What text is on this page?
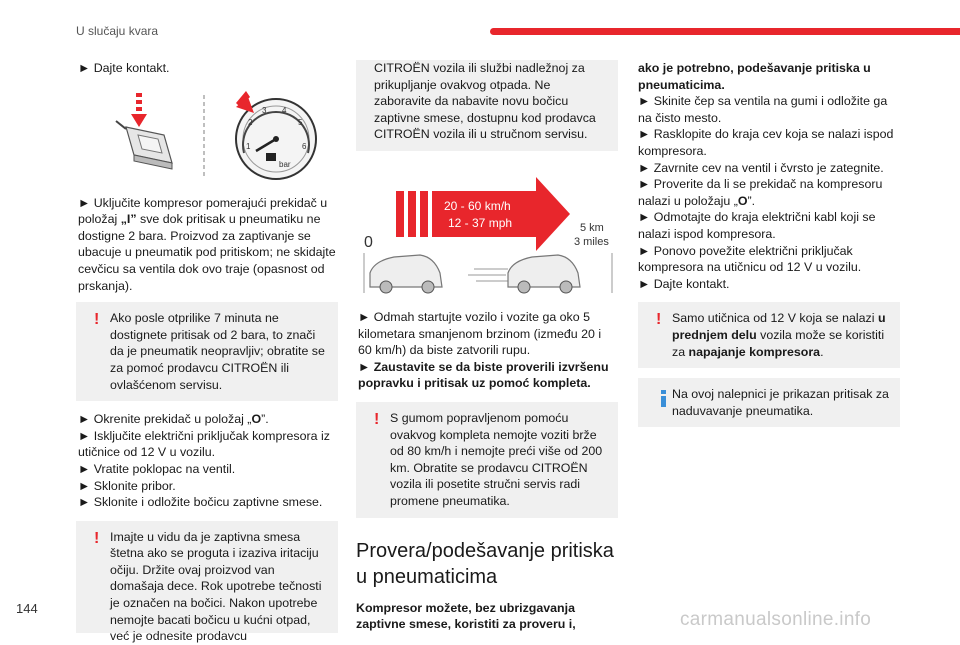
U slučaju kvara
144
carmanualsonline.info

► Dajte kontakt.

1
2
3 4
5
6
bar

► Uključite kompresor pomerajući prekidač u položaj „I” sve dok pritisak u pneumatiku ne dostigne 2 bara. Proizvod za zaptivanje se ubacuje u pneumatik pod pritiskom; ne skidajte cevčicu sa ventila dok ovo traje (opasnost od prskanja).

! Ako posle otprilike 7 minuta ne dostignete pritisak od 2 bara, to znači da je pneumatik neopravljiv; obratite se za pomoć prodavcu CITROËN ili ovlašćenom servisu.

► Okrenite prekidač u položaj „O”.

► Isključite električni priključak kompresora iz utičnice od 12 V u vozilu.

► Vratite poklopac na ventil.

► Sklonite pribor.

► Sklonite i odložite bočicu zaptivne smese.

! Imajte u vidu da je zaptivna smesa štetna ako se proguta i izaziva iritaciju očiju. Držite ovaj proizvod van domašaja dece. Rok upotrebe tečnosti je označen na bočici. Nakon upotrebe nemojte bacati bočicu u kućni otpad, već je odnesite prodavcu
CITROËN vozila ili službi nadležnoj za prikupljanje ovakvog otpada. Ne zaboravite da nabavite novu bočicu zaptivne smese, dostupnu kod prodavca CITROËN vozila ili u stručnom servisu.
20 - 60 km/h
12 - 37 mph
0
5 km
3 miles

► Odmah startujte vozilo i vozite ga oko 5 kilometara smanjenom brzinom (između 20 i 60 km/h) da biste zatvorili rupu.

► Zaustavite se da biste proverili izvršenu popravku i pritisak uz pomoć kompleta.

! S gumom popravljenom pomoću ovakvog kompleta nemojte voziti brže od 80 km/h i nemojte preći više od 200 km. Obratite se prodavcu CITROËN vozila ili posetite stručni servis radi promene pneumatika.
Provera/podešavanje pritiska u pneumaticima

Kompresor možete, bez ubrizgavanja zaptivne smese, koristiti za proveru i,

ako je potrebno, podešavanje pritiska u pneumaticima.

► Skinite čep sa ventila na gumi i odložite ga na čisto mesto.

► Rasklopite do kraja cev koja se nalazi ispod kompresora.

► Zavrnite cev na ventil i čvrsto je zategnite.

► Proverite da li se prekidač na kompresoru nalazi u položaju „O”.

► Odmotajte do kraja električni kabl koji se nalazi ispod kompresora.

► Ponovo povežite električni priključak kompresora na utičnicu od 12 V u vozilu.

► Dajte kontakt.

! Samo utičnica od 12 V koja se nalazi u prednjem delu vozila može se koristiti za napajanje kompresora.
Na ovoj nalepnici je prikazan pritisak za naduvavanje pneumatika.
